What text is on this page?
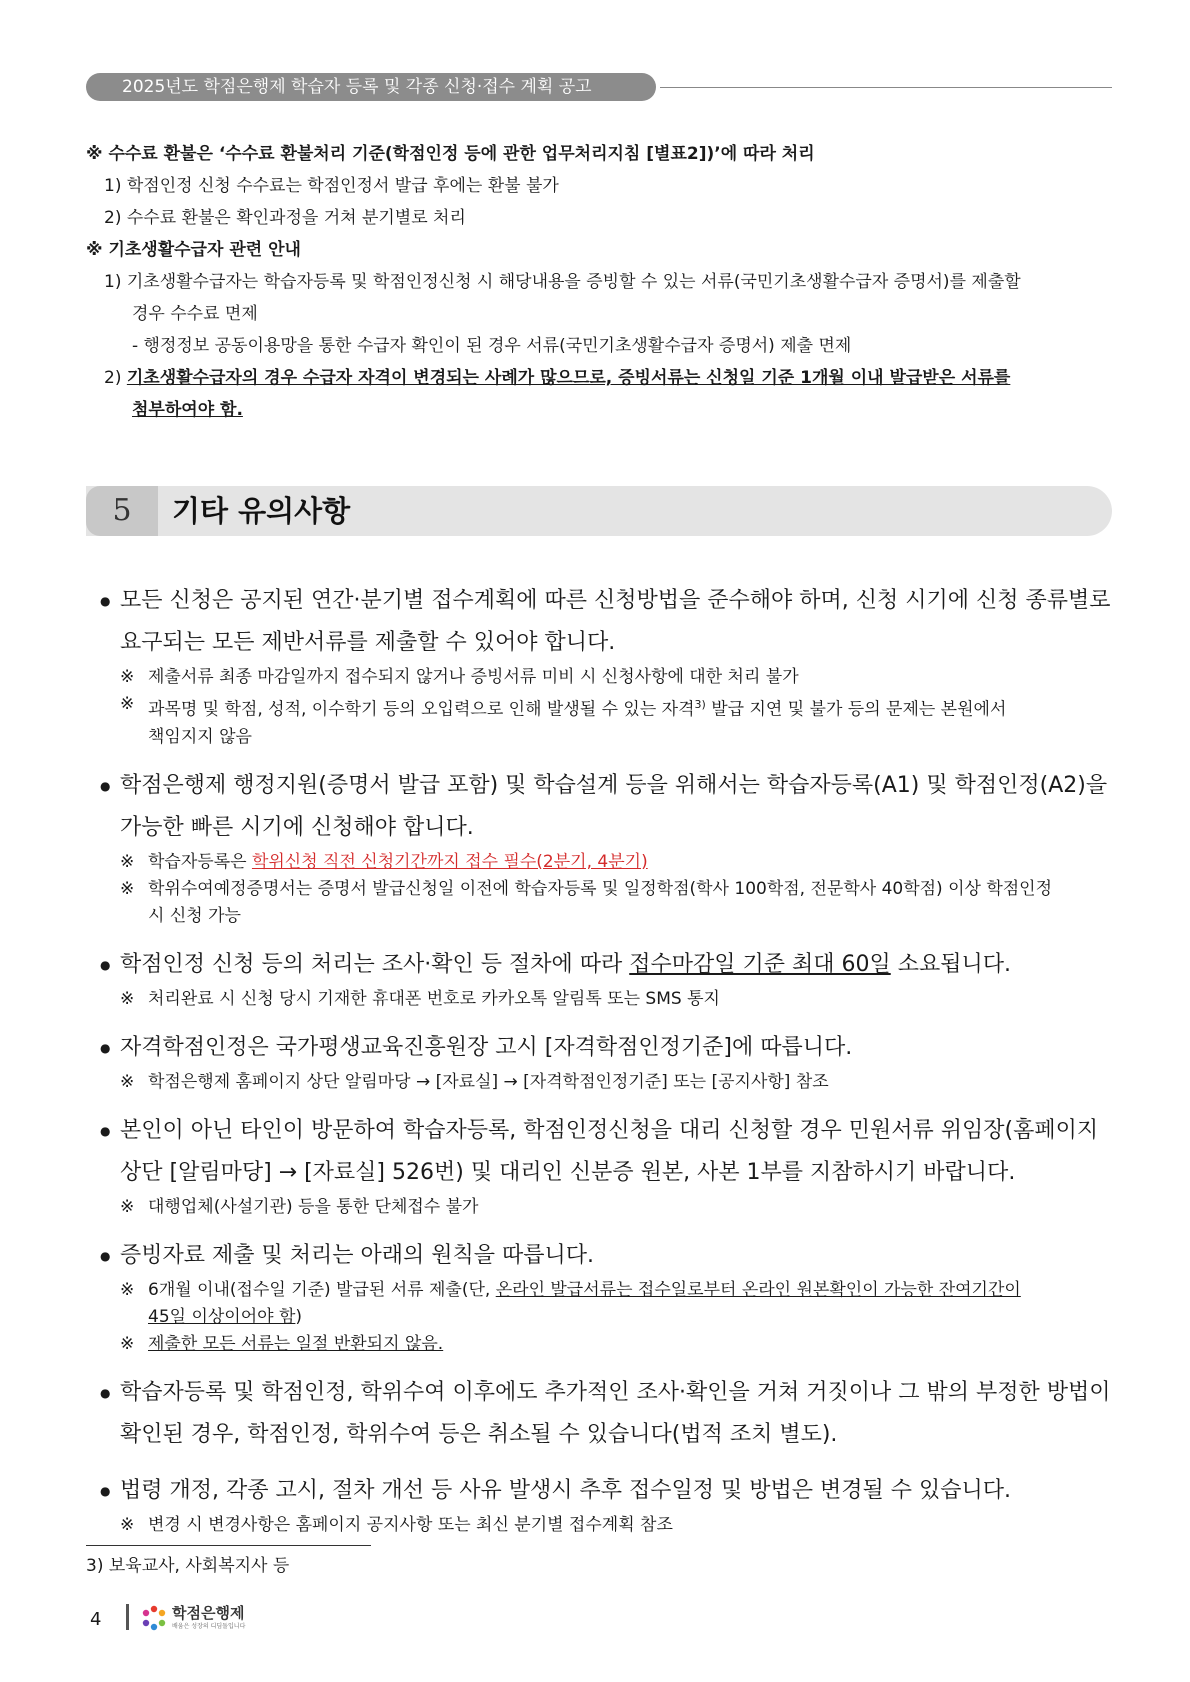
2025년도 학점은행제 학습자 등록 및 각종 신청·접수 계획 공고
※ 수수료 환불은 ‘수수료 환불처리 기준(학점인정 등에 관한 업무처리지침 [별표2])’에 따라 처리
1) 학점인정 신청 수수료는 학점인정서 발급 후에는 환불 불가
2) 수수료 환불은 확인과정을 거쳐 분기별로 처리
※ 기초생활수급자 관련 안내
1) 기초생활수급자는 학습자등록 및 학점인정신청 시 해당내용을 증빙할 수 있는 서류(국민기초생활수급자 증명서)를 제출할
경우 수수료 면제
- 행정정보 공동이용망을 통한 수급자 확인이 된 경우 서류(국민기초생활수급자 증명서) 제출 면제
2) 기초생활수급자의 경우 수급자 자격이 변경되는 사례가 많으므로, 증빙서류는 신청일 기준 1개월 이내 발급받은 서류를
첨부하여야 함.
5	기타 유의사항
● 모든 신청은 공지된 연간·분기별 접수계획에 따른 신청방법을 준수해야 하며, 신청 시기에 신청 종류별로
요구되는 모든 제반서류를 제출할 수 있어야 합니다.
※ 제출서류 최종 마감일까지 접수되지 않거나 증빙서류 미비 시 신청사항에 대한 처리 불가
※ 과목명 및 학점, 성적, 이수학기 등의 오입력으로 인해 발생될 수 있는 자격$^{3)}$ 발급 지연 및 불가 등의 문제는 본원에서
책임지지 않음
● 학점은행제 행정지원(증명서 발급 포함) 및 학습설계 등을 위해서는 학습자등록(A1) 및 학점인정(A2)을
가능한 빠른 시기에 신청해야 합니다.
※ 학습자등록은 학위신청 직전 신청기간까지 접수 필수(2분기, 4분기)
※ 학위수여예정증명서는 증명서 발급신청일 이전에 학습자등록 및 일정학점(학사 100학점, 전문학사 40학점) 이상 학점인정
시 신청 가능
● 학점인정 신청 등의 처리는 조사·확인 등 절차에 따라 접수마감일 기준 최대 60일 소요됩니다.
※ 처리완료 시 신청 당시 기재한 휴대폰 번호로 카카오톡 알림톡 또는 SMS 통지
● 자격학점인정은 국가평생교육진흥원장 고시 [자격학점인정기준]에 따릅니다.
※ 학점은행제 홈페이지 상단 알림마당 → [자료실] → [자격학점인정기준] 또는 [공지사항] 참조
● 본인이 아닌 타인이 방문하여 학습자등록, 학점인정신청을 대리 신청할 경우 민원서류 위임장(홈페이지
상단 [알림마당] → [자료실] 526번) 및 대리인 신분증 원본, 사본 1부를 지참하시기 바랍니다.
※ 대행업체(사설기관) 등을 통한 단체접수 불가
● 증빙자료 제출 및 처리는 아래의 원칙을 따릅니다.
※ 6개월 이내(접수일 기준) 발급된 서류 제출(단, 온라인 발급서류는 접수일로부터 온라인 원본확인이 가능한 잔여기간이
45일 이상이어야 함)
※ 제출한 모든 서류는 일절 반환되지 않음.
● 학습자등록 및 학점인정, 학위수여 이후에도 추가적인 조사·확인을 거쳐 거짓이나 그 밖의 부정한 방법이
확인된 경우, 학점인정, 학위수여 등은 취소될 수 있습니다(법적 조치 별도).
● 법령 개정, 각종 고시, 절차 개선 등 사유 발생시 추후 접수일정 및 방법은 변경될 수 있습니다.
※ 변경 시 변경사항은 홈페이지 공지사항 또는 최신 분기별 접수계획 참조
3) 보육교사, 사회복지사 등
4	학점은행제
배움은 성장의 디딤돌입니다
